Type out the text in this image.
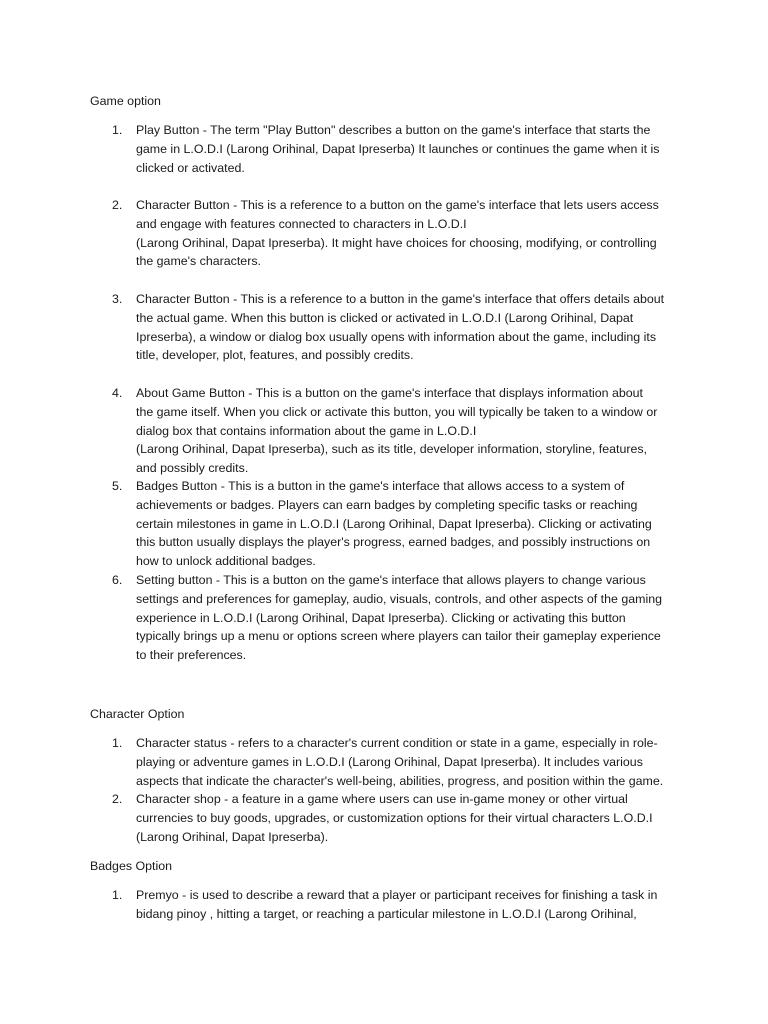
Game option
1. Play Button - The term "Play Button" describes a button on the game's interface that starts the
game in L.O.D.I (Larong Orihinal, Dapat Ipreserba) It launches or continues the game when it is
clicked or activated.

2. Character Button - This is a reference to a button on the game's interface that lets users access
and engage with features connected to characters in L.O.D.I
(Larong Orihinal, Dapat Ipreserba). It might have choices for choosing, modifying, or controlling
the game's characters.

3. Character Button - This is a reference to a button in the game's interface that offers details about
the actual game. When this button is clicked or activated in L.O.D.I (Larong Orihinal, Dapat
Ipreserba), a window or dialog box usually opens with information about the game, including its
title, developer, plot, features, and possibly credits.

4. About Game Button - This is a button on the game's interface that displays information about
the game itself. When you click or activate this button, you will typically be taken to a window or
dialog box that contains information about the game in L.O.D.I
(Larong Orihinal, Dapat Ipreserba), such as its title, developer information, storyline, features,
and possibly credits.

5. Badges Button - This is a button in the game's interface that allows access to a system of
achievements or badges. Players can earn badges by completing specific tasks or reaching
certain milestones in game in L.O.D.I (Larong Orihinal, Dapat Ipreserba). Clicking or activating
this button usually displays the player's progress, earned badges, and possibly instructions on
how to unlock additional badges.

6. Setting button - This is a button on the game's interface that allows players to change various
settings and preferences for gameplay, audio, visuals, controls, and other aspects of the gaming
experience in L.O.D.I (Larong Orihinal, Dapat Ipreserba). Clicking or activating this button
typically brings up a menu or options screen where players can tailor their gameplay experience
to their preferences.

Character Option
1. Character status - refers to a character's current condition or state in a game, especially in role-
playing or adventure games in L.O.D.I (Larong Orihinal, Dapat Ipreserba). It includes various
aspects that indicate the character's well-being, abilities, progress, and position within the game.

2. Character shop - a feature in a game where users can use in-game money or other virtual
currencies to buy goods, upgrades, or customization options for their virtual characters L.O.D.I
(Larong Orihinal, Dapat Ipreserba).

Badges Option
1. Premyo - is used to describe a reward that a player or participant receives for finishing a task in
bidang pinoy , hitting a target, or reaching a particular milestone in L.O.D.I (Larong Orihinal,
